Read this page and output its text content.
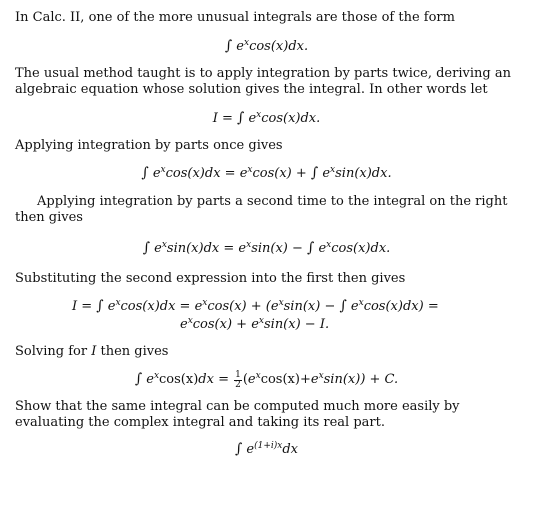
In Calc. II, one of the more unusual integrals are those of the form

∫ $e^x\cos(x)dx$.

The usual method taught is to apply integration by parts twice, deriving an algebraic equation whose solution gives the integral. In other words let

I = ∫ $e^x\cos(x)dx$.

Applying integration by parts once gives

∫ $e^x\cos(x)dx = e^x\cos(x)$ + ∫ $e^x\sin(x)dx$.

Applying integration by parts a second time to the integral on the right then gives

∫ $e^x\sin(x)dx = e^x\sin(x)$ − ∫ $e^x\cos(x)dx$.

Substituting the second expression into the first then gives

I = ∫ $e^x\cos(x)dx = e^x\cos(x) + (e^x\sin(x)$ − ∫ $e^x\cos(x)dx$) =
$e^x\cos(x) + e^x\sin(x) - I$.

Solving for I then gives

∫ $e^x\cos(x)dx = \frac{1}{2} (e^x\cos(x)+e^x\sin(x)) + C$.

Show that the same integral can be computed much more easily by evaluating the complex integral and taking its real part.

∫ $e^{(1+i)x}dx$
